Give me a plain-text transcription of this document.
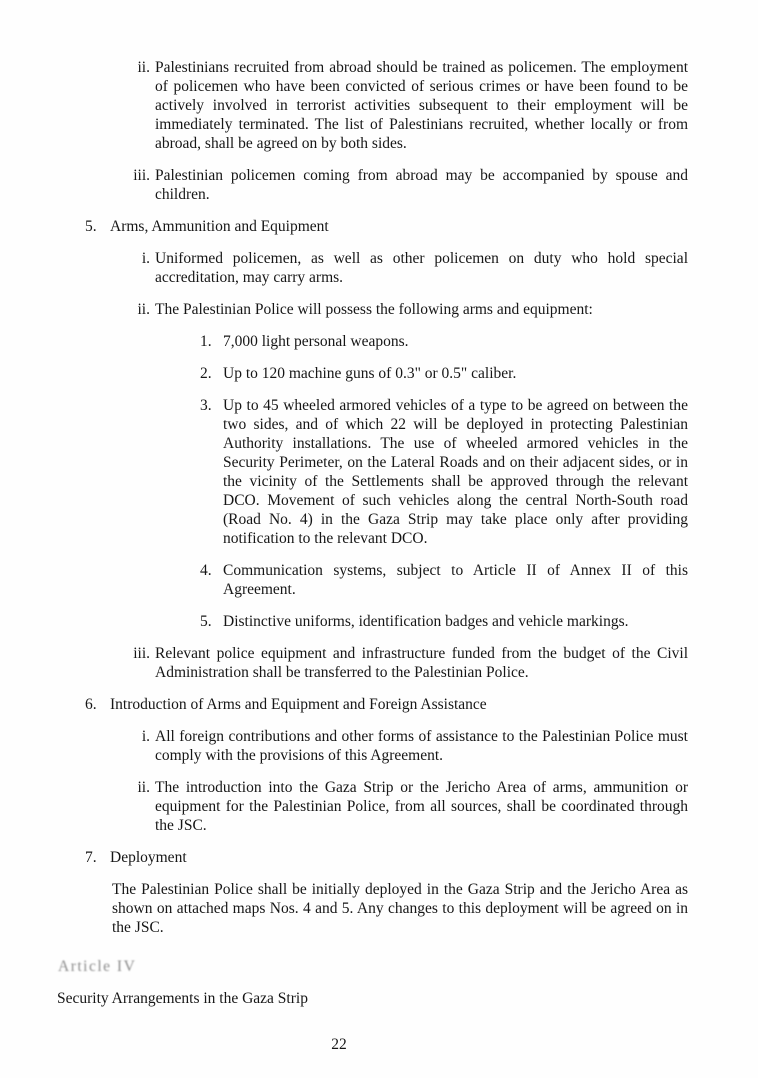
ii. Palestinians recruited from abroad should be trained as policemen. The employment of policemen who have been convicted of serious crimes or have been found to be actively involved in terrorist activities subsequent to their employment will be immediately terminated. The list of Palestinians recruited, whether locally or from abroad, shall be agreed on by both sides.
iii. Palestinian policemen coming from abroad may be accompanied by spouse and children.
5. Arms, Ammunition and Equipment
i. Uniformed policemen, as well as other policemen on duty who hold special accreditation, may carry arms.
ii. The Palestinian Police will possess the following arms and equipment:
1. 7,000 light personal weapons.
2. Up to 120 machine guns of 0.3" or 0.5" caliber.
3. Up to 45 wheeled armored vehicles of a type to be agreed on between the two sides, and of which 22 will be deployed in protecting Palestinian Authority installations. The use of wheeled armored vehicles in the Security Perimeter, on the Lateral Roads and on their adjacent sides, or in the vicinity of the Settlements shall be approved through the relevant DCO. Movement of such vehicles along the central North-South road (Road No. 4) in the Gaza Strip may take place only after providing notification to the relevant DCO.
4. Communication systems, subject to Article II of Annex II of this Agreement.
5. Distinctive uniforms, identification badges and vehicle markings.
iii. Relevant police equipment and infrastructure funded from the budget of the Civil Administration shall be transferred to the Palestinian Police.
6. Introduction of Arms and Equipment and Foreign Assistance
i. All foreign contributions and other forms of assistance to the Palestinian Police must comply with the provisions of this Agreement.
ii. The introduction into the Gaza Strip or the Jericho Area of arms, ammunition or equipment for the Palestinian Police, from all sources, shall be coordinated through the JSC.
7. Deployment
The Palestinian Police shall be initially deployed in the Gaza Strip and the Jericho Area as shown on attached maps Nos. 4 and 5. Any changes to this deployment will be agreed on in the JSC.
Article IV
Security Arrangements in the Gaza Strip
22
